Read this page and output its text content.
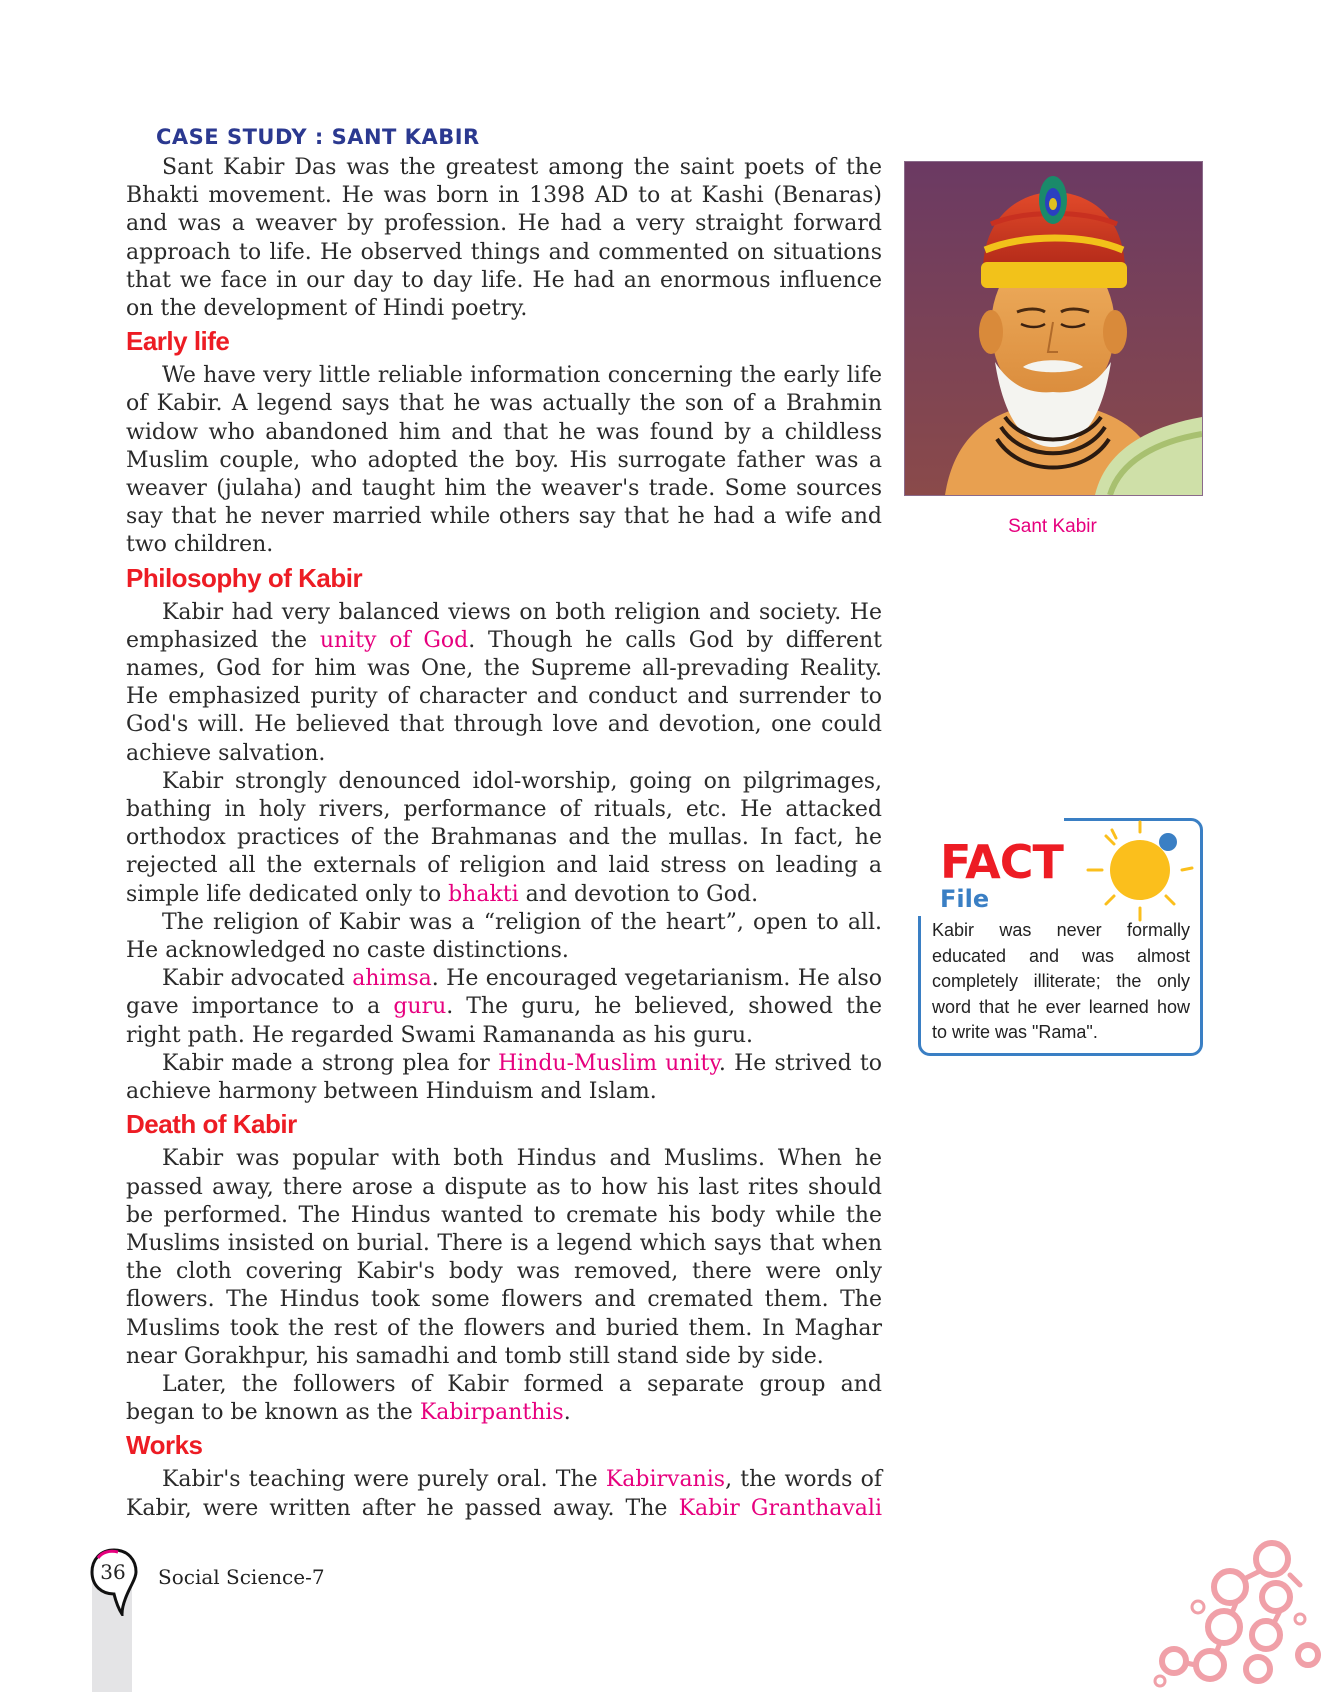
CASE STUDY : SANT KABIR

Sant Kabir Das was the greatest among the saint poets of the Bhakti movement. He was born in 1398 AD to at Kashi (Benaras) and was a weaver by profession. He had a very straight forward approach to life. He observed things and commented on situations that we face in our day to day life. He had an enormous influence on the development of Hindi poetry.

Early life

We have very little reliable information concerning the early life of Kabir. A legend says that he was actually the son of a Brahmin widow who abandoned him and that he was found by a childless Muslim couple, who adopted the boy. His surrogate father was a weaver (julaha) and taught him the weaver's trade. Some sources say that he never married while others say that he had a wife and two children.

Philosophy of Kabir

Kabir had very balanced views on both religion and society. He emphasized the unity of God. Though he calls God by different names, God for him was One, the Supreme all-prevading Reality. He emphasized purity of character and conduct and surrender to God's will. He believed that through love and devotion, one could achieve salvation.

Kabir strongly denounced idol-worship, going on pilgrimages, bathing in holy rivers, performance of rituals, etc. He attacked orthodox practices of the Brahmanas and the mullas. In fact, he rejected all the externals of religion and laid stress on leading a simple life dedicated only to bhakti and devotion to God.

The religion of Kabir was a “religion of the heart”, open to all. He acknowledged no caste distinctions.

Kabir advocated ahimsa. He encouraged vegetarianism. He also gave importance to a guru. The guru, he believed, showed the right path. He regarded Swami Ramananda as his guru.

Kabir made a strong plea for Hindu-Muslim unity. He strived to achieve harmony between Hinduism and Islam.

Death of Kabir

Kabir was popular with both Hindus and Muslims. When he passed away, there arose a dispute as to how his last rites should be performed. The Hindus wanted to cremate his body while the Muslims insisted on burial. There is a legend which says that when the cloth covering Kabir's body was removed, there were only flowers. The Hindus took some flowers and cremated them. The Muslims took the rest of the flowers and buried them. In Maghar near Gorakhpur, his samadhi and tomb still stand side by side.

Later, the followers of Kabir formed a separate group and began to be known as the Kabirpanthis.

Works

Kabir's teaching were purely oral. The Kabirvanis, the words of Kabir, were written after he passed away. The Kabir Granthavali

Sant Kabir
FACT
File
Kabir was never formally educated and was almost completely illiterate; the only word that he ever learned how to write was "Rama".
36	Social Science-7
